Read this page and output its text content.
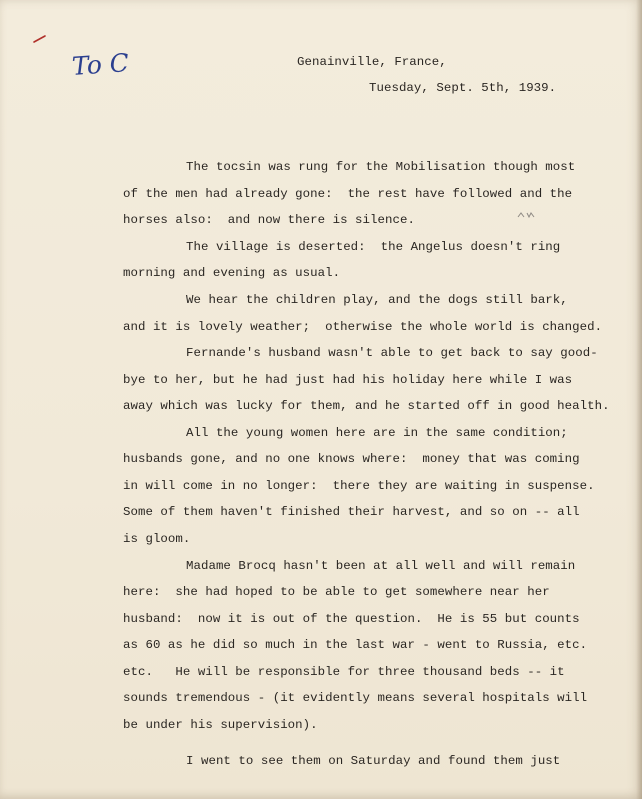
To C	Genainville, France,
Tuesday, Sept. 5th, 1939.
The tocsin was rung for the Mobilisation though most
of the men had already gone:  the rest have followed and the
horses also:  and now there is silence.
The village is deserted:  the Angelus doesn't ring
morning and evening as usual.
We hear the children play, and the dogs still bark,
and it is lovely weather;  otherwise the whole world is changed.
Fernande's husband wasn't able to get back to say good-
bye to her, but he had just had his holiday here while I was
away which was lucky for them, and he started off in good health.
All the young women here are in the same condition;
husbands gone, and no one knows where:  money that was coming
in will come in no longer:  there they are waiting in suspense.
Some of them haven't finished their harvest, and so on -- all
is gloom.
Madame Brocq hasn't been at all well and will remain
here:  she had hoped to be able to get somewhere near her
husband:  now it is out of the question.  He is 55 but counts
as 60 as he did so much in the last war - went to Russia, etc.
etc.   He will be responsible for three thousand beds -- it
sounds tremendous - (it evidently means several hospitals will
be under his supervision).
I went to see them on Saturday and found them just
